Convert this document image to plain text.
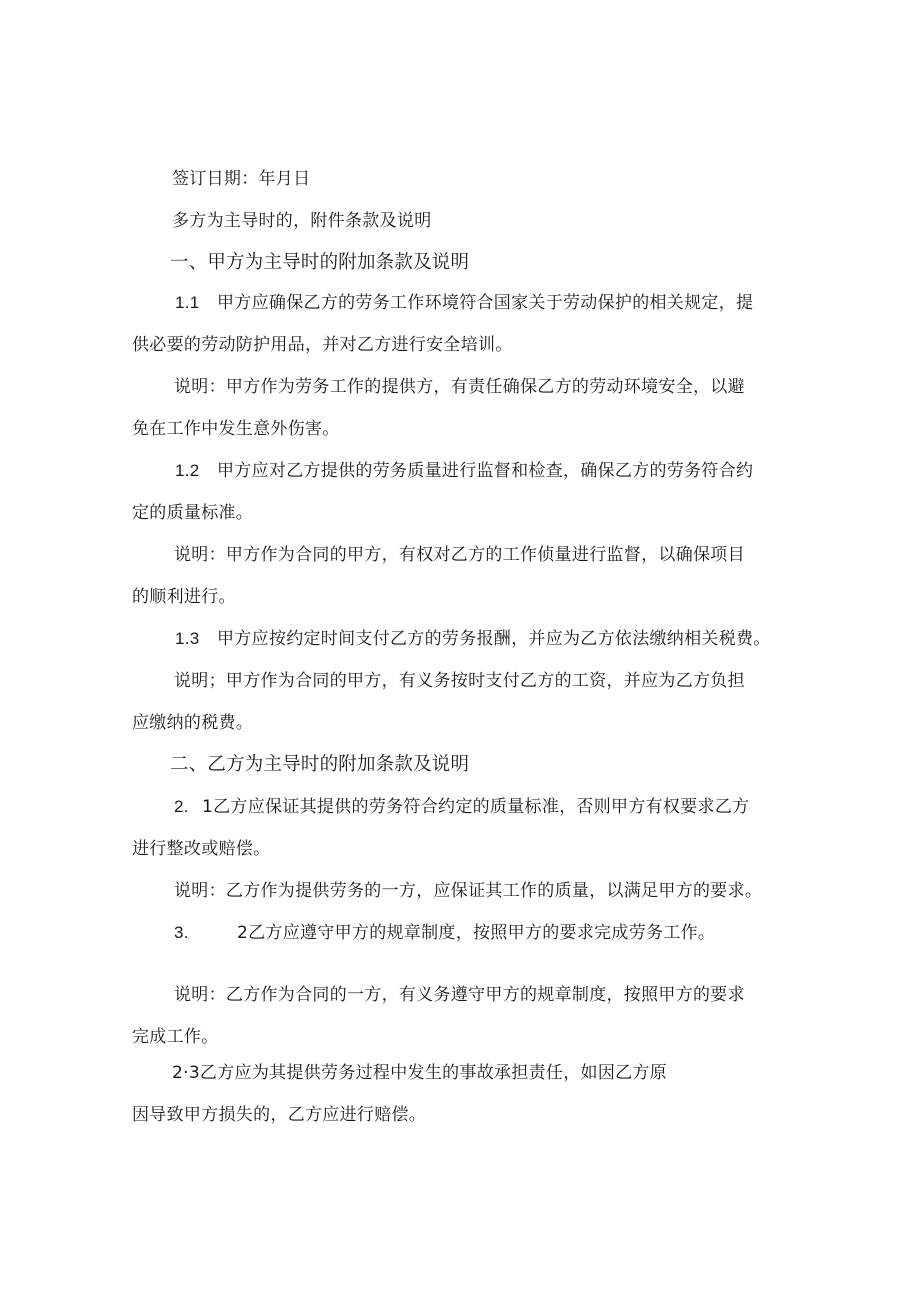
签订日期：年月日
多方为主导时的，附件条款及说明
一、甲方为主导时的附加条款及说明
1.1 甲方应确保乙方的劳务工作环境符合国家关于劳动保护的相关规定，提
供必要的劳动防护用品，并对乙方进行安全培训。
说明：甲方作为劳务工作的提供方，有责任确保乙方的劳动环境安全，以避
免在工作中发生意外伤害。
1.2 甲方应对乙方提供的劳务质量进行监督和检查，确保乙方的劳务符合约
定的质量标准。
说明：甲方作为合同的甲方，有权对乙方的工作侦量进行监督，以确保项目
的顺利进行。
1.3 甲方应按约定时间支付乙方的劳务报酬，并应为乙方依法缴纳相关税费。
说明；甲方作为合同的甲方，有义务按时支付乙方的工资，并应为乙方负担
应缴纳的税费。
二、乙方为主导时的附加条款及说明
2. 1乙方应保证其提供的劳务符合约定的质量标准，否则甲方有权要求乙方
进行整改或赔偿。
说明：乙方作为提供劳务的一方，应保证其工作的质量，以满足甲方的要求。
3.	2乙方应遵守甲方的规章制度，按照甲方的要求完成劳务工作。
说明：乙方作为合同的一方，有义务遵守甲方的规章制度，按照甲方的要求
完成工作。
2·3乙方应为其提供劳务过程中发生的事故承担责任，如因乙方原
因导致甲方损失的，乙方应进行赔偿。
